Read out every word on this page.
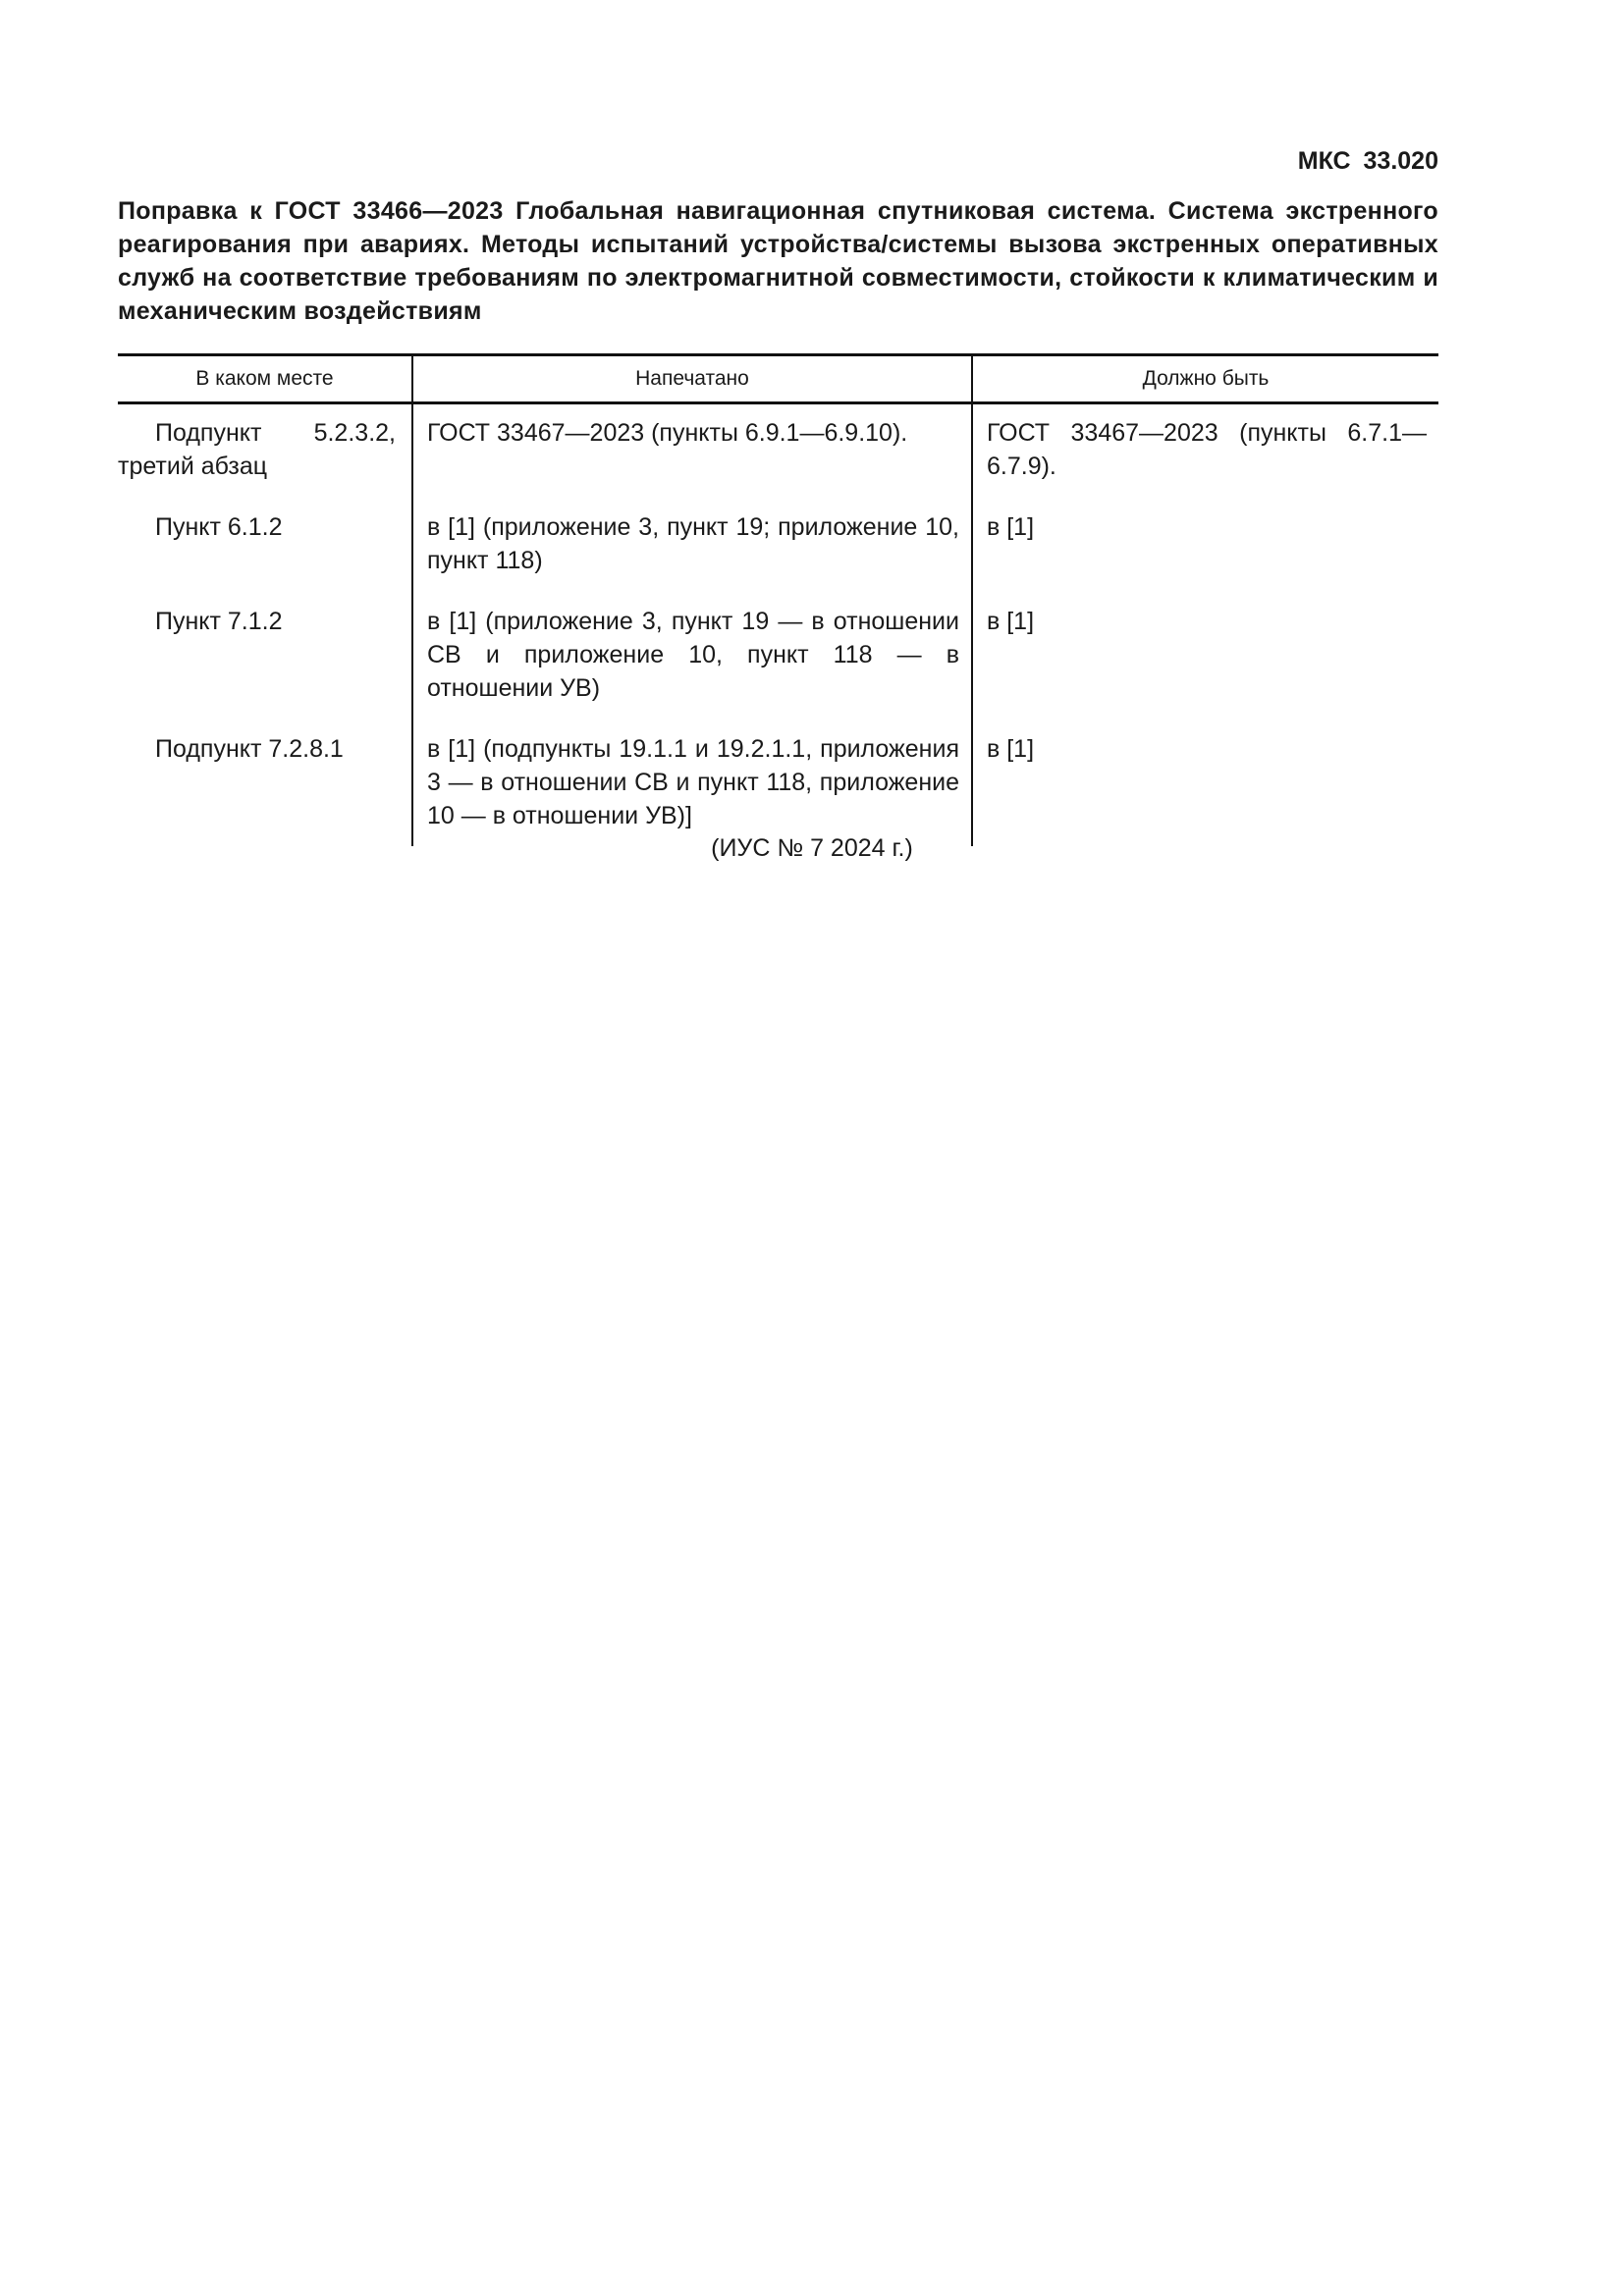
МКС 33.020
Поправка к ГОСТ 33466—2023 Глобальная навигационная спутниковая система. Система экстренного реагирования при авариях. Методы испытаний устройства/системы вызова экстренных оперативных служб на соответствие требованиям по электромагнитной совместимости, стойкости к климатическим и механическим воздействиям
В каком месте	Напечатано	Должно быть

Подпункт 5.2.3.2,
третий абзац	ГОСТ 33467—2023 (пункты 6.9.1—6.9.10).	ГОСТ 33467—2023 (пункты 6.7.1—6.7.9).
Пункт 6.1.2	в [1] (приложение 3, пункт 19; приложение 10, пункт 118)	в [1]
Пункт 7.1.2	в [1] (приложение 3, пункт 19 — в отношении СВ и приложение 10, пункт 118 — в отношении УВ)	в [1]
Подпункт 7.2.8.1	в [1] (подпункты 19.1.1 и 19.2.1.1, приложения 3 — в отношении СВ и пункт 118, приложение 10 — в отношении УВ)]	в [1]
(ИУС № 7 2024 г.)
